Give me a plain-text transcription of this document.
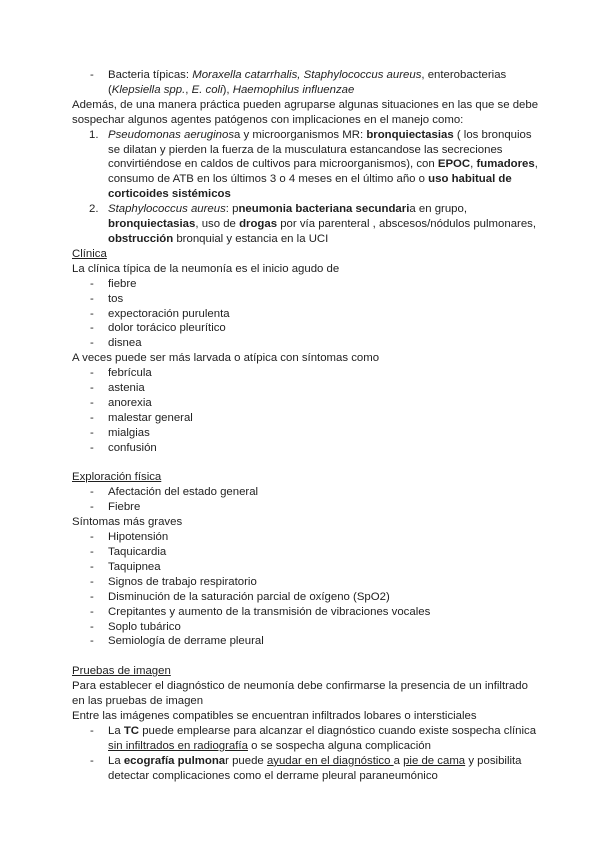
- Bacteria típicas: Moraxella catarrhalis, Staphylococcus aureus, enterobacterias
(Klepsiella spp., E. coli), Haemophilus influenzae
Además, de una manera práctica pueden agruparse algunas situaciones en las que se debe
sospechar algunos agentes patógenos con implicaciones en el manejo como:
1. Pseudomonas aeruginosa y microorganismos MR: bronquiectasias ( los bronquios
se dilatan y pierden la fuerza de la musculatura estancandose las secreciones
convirtiéndose en caldos de cultivos para microorganismos), con EPOC, fumadores,
consumo de ATB en los últimos 3 o 4 meses en el último año o uso habitual de
corticoides sistémicos
2. Staphylococcus aureus: pneumonia bacteriana secundaria en grupo,
bronquiectasias, uso de drogas por vía parenteral , abscesos/nódulos pulmonares,
obstrucción bronquial y estancia en la UCI
Clínica
La clínica típica de la neumonía es el inicio agudo de
- fiebre
- tos
- expectoración purulenta
- dolor torácico pleurítico
- disnea
A veces puede ser más larvada o atípica con síntomas como
- febrícula
- astenia
- anorexia
- malestar general
- mialgias
- confusión
Exploración física
- Afectación del estado general
- Fiebre
Síntomas más graves
- Hipotensión
- Taquicardia
- Taquipnea
- Signos de trabajo respiratorio
- Disminución de la saturación parcial de oxígeno (SpO2)
- Crepitantes y aumento de la transmisión de vibraciones vocales
- Soplo tubárico
- Semiología de derrame pleural
Pruebas de imagen
Para establecer el diagnóstico de neumonía debe confirmarse la presencia de un infiltrado
en las pruebas de imagen
Entre las imágenes compatibles se encuentran infiltrados lobares o intersticiales
- La TC puede emplearse para alcanzar el diagnóstico cuando existe sospecha clínica
sin infiltrados en radiografía o se sospecha alguna complicación
- La ecografía pulmonar puede ayudar en el diagnóstico a pie de cama y posibilita
detectar complicaciones como el derrame pleural paraneumónico
